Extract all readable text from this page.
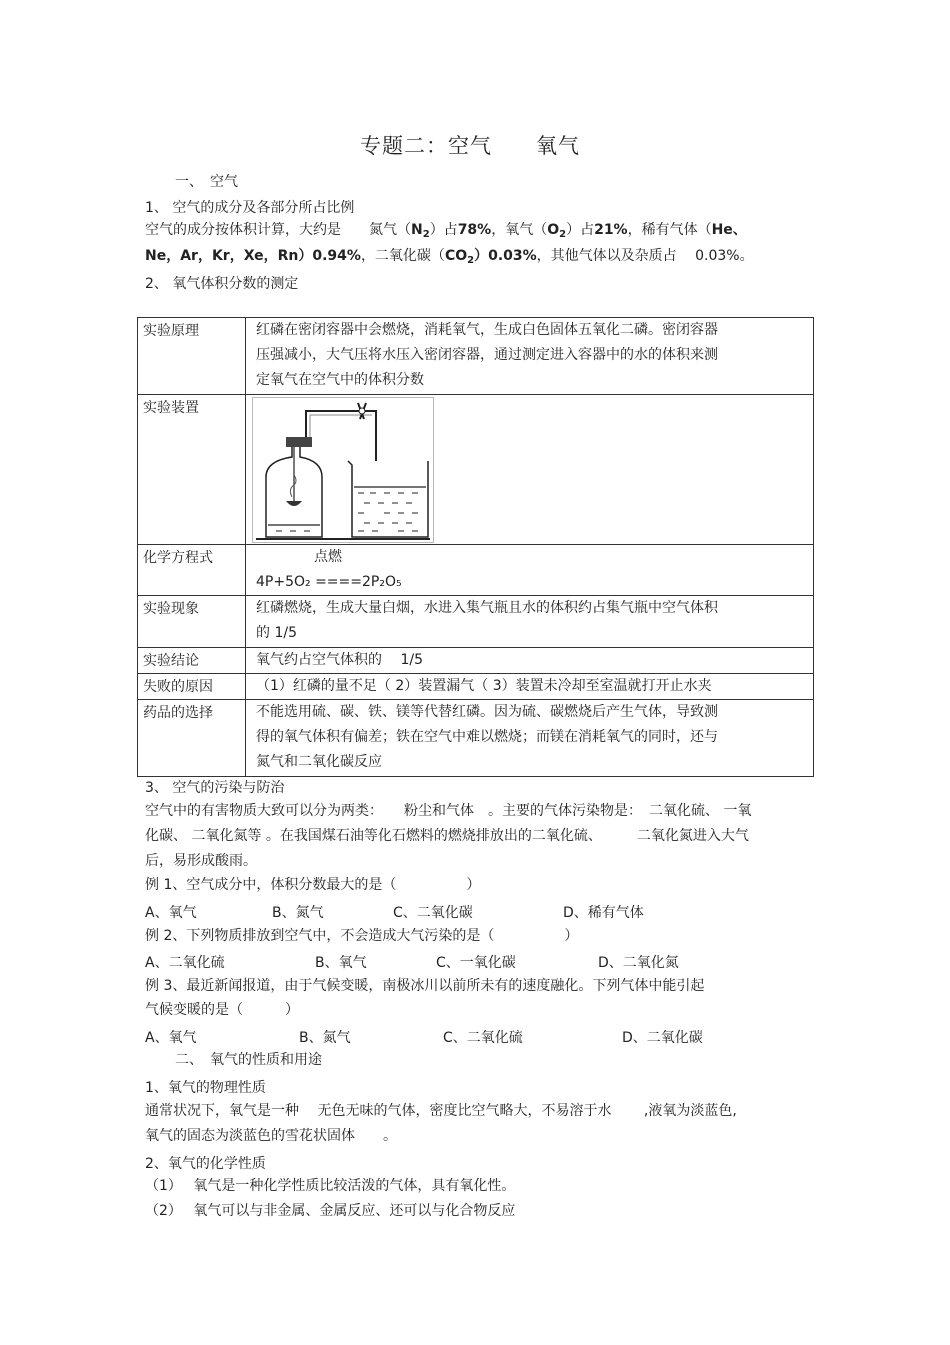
专题二：空气　　氧气
一、　空气
1、 空气的成分及各部分所占比例
空气的成分按体积计算，大约是　　氮气$(N_2)$占78%，氧气$(O_2)$占21%，稀有气体（He、
Ne，Ar，Kr，Xe，Rn）0.94%，二氧化碳$(CO_2)0.03\%$，其他气体以及杂质占　 0.03%。
2、 氧气体积分数的测定
实验原理	红磷在密闭容器中会燃烧，消耗氧气，生成白色固体五氧化二磷。密闭容器
压强减小，大气压将水压入密闭容器，通过测定进入容器中的水的体积来测
定氧气在空气中的体积分数

实验装置	

化学方程式	点燃
4P+5O₂ ====2P₂O₅

实验现象	红磷燃烧，生成大量白烟，水进入集气瓶且水的体积约占集气瓶中空气体积
的 1/5

实验结论	氧气约占空气体积的　 1/5

失败的原因	（1）红磷的量不足（ 2）装置漏气（ 3）装置未冷却至室温就打开止水夹

药品的选择	不能选用硫、碳、铁、镁等代替红磷。因为硫、碳燃烧后产生气体，导致测
得的氧气体积有偏差；铁在空气中难以燃烧；而镁在消耗氧气的同时，还与
氮气和二氧化碳反应
3、 空气的污染与防治
空气中的有害物质大致可以分为两类：　　粉尘和气体　。主要的气体污染物是：　二氧化硫、 一氧
化碳、 二氧化氮等 。在我国煤石油等化石燃料的燃烧排放出的二氧化硫、　　　二氧化氮进入大气
后，易形成酸雨。
例 1、空气成分中，体积分数最大的是（　　　　　）
A、氧气	B、氮气	C、二氧化碳	D、稀有气体
例 2、下列物质排放到空气中，不会造成大气污染的是（　　　　　）
A、二氧化硫	B、氧气	C、一氧化碳	D、二氧化氮
例 3、最近新闻报道，由于气候变暖，南极冰川以前所未有的速度融化。下列气体中能引起
气候变暖的是（　　　）
A、氧气	B、氮气	C、二氧化硫	D、二氧化碳
二、　氧气的性质和用途
1、氧气的物理性质
通常状况下，氧气是一种　 无色无味的气体，密度比空气略大，不易溶于水　　 ,液氧为淡蓝色,
氧气的固态为淡蓝色的雪花状固体　　。
2、氧气的化学性质
（1）　 氧气是一种化学性质比较活泼的气体，具有氧化性。
（2）　 氧气可以与非金属、金属反应、还可以与化合物反应
